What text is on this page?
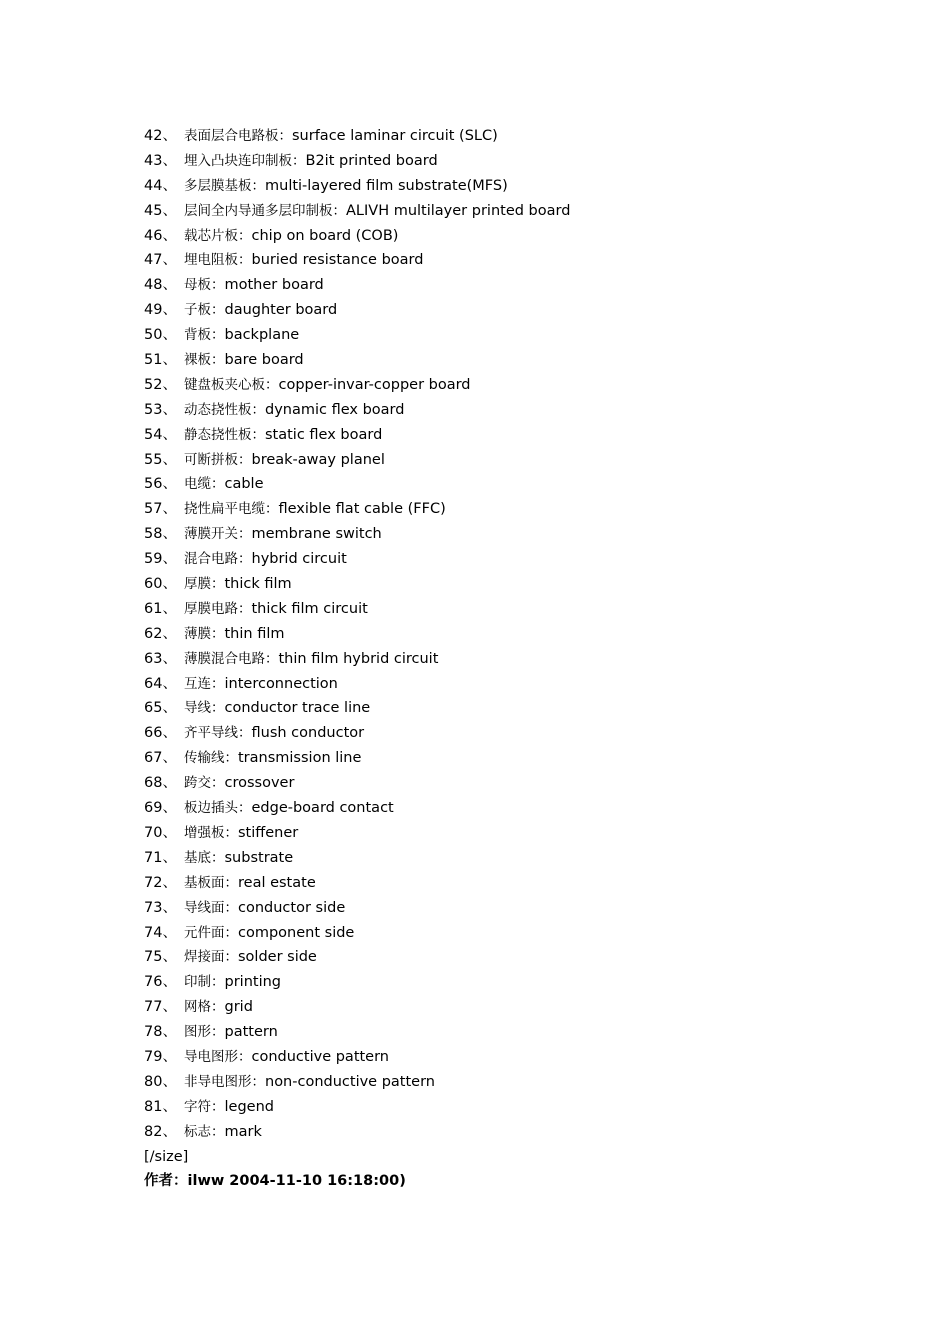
42、 表面层合电路板 ： surface laminar circuit (SLC)
43、 埋入凸块连印制板 ： B2it printed board
44、 多层膜基板 ： multi-layered film substrate(MFS)
45、 层间全内导通多层印制板 ： ALIVH multilayer printed board
46、 载芯片板 ： chip on board (COB)
47、 埋电阻板 ： buried resistance board
48、 母板 ： mother board
49、 子板 ： daughter board
50、 背板 ： backplane
51、 裸板 ： bare board
52、 键盘板夹心板 ： copper-invar-copper board
53、 动态挠性板 ： dynamic flex board
54、 静态挠性板 ： static flex board
55、 可断拼板 ： break-away planel
56、 电缆 ： cable
57、 挠性扁平电缆 ： flexible flat cable (FFC)
58、 薄膜开关 ： membrane switch
59、 混合电路 ： hybrid circuit
60、 厚膜 ： thick film
61、 厚膜电路 ： thick film circuit
62、 薄膜 ： thin film
63、 薄膜混合电路 ： thin film hybrid circuit
64、 互连 ： interconnection
65、 导线 ： conductor trace line
66、 齐平导线 ： flush conductor
67、 传输线 ： transmission line
68、 跨交 ： crossover
69、 板边插头 ： edge-board contact
70、 增强板 ： stiffener
71、 基底 ： substrate
72、 基板面 ： real estate
73、 导线面 ： conductor side
74、 元件面 ： component side
75、 焊接面 ： solder side
76、 印制 ： printing
77、 网格 ： grid
78、 图形 ： pattern
79、 导电图形 ： conductive pattern
80、 非导电图形 ： non-conductive pattern
81、 字符 ： legend
82、 标志 ： mark
[/size]
作者：ilww 2004-11-10 16:18:00)
